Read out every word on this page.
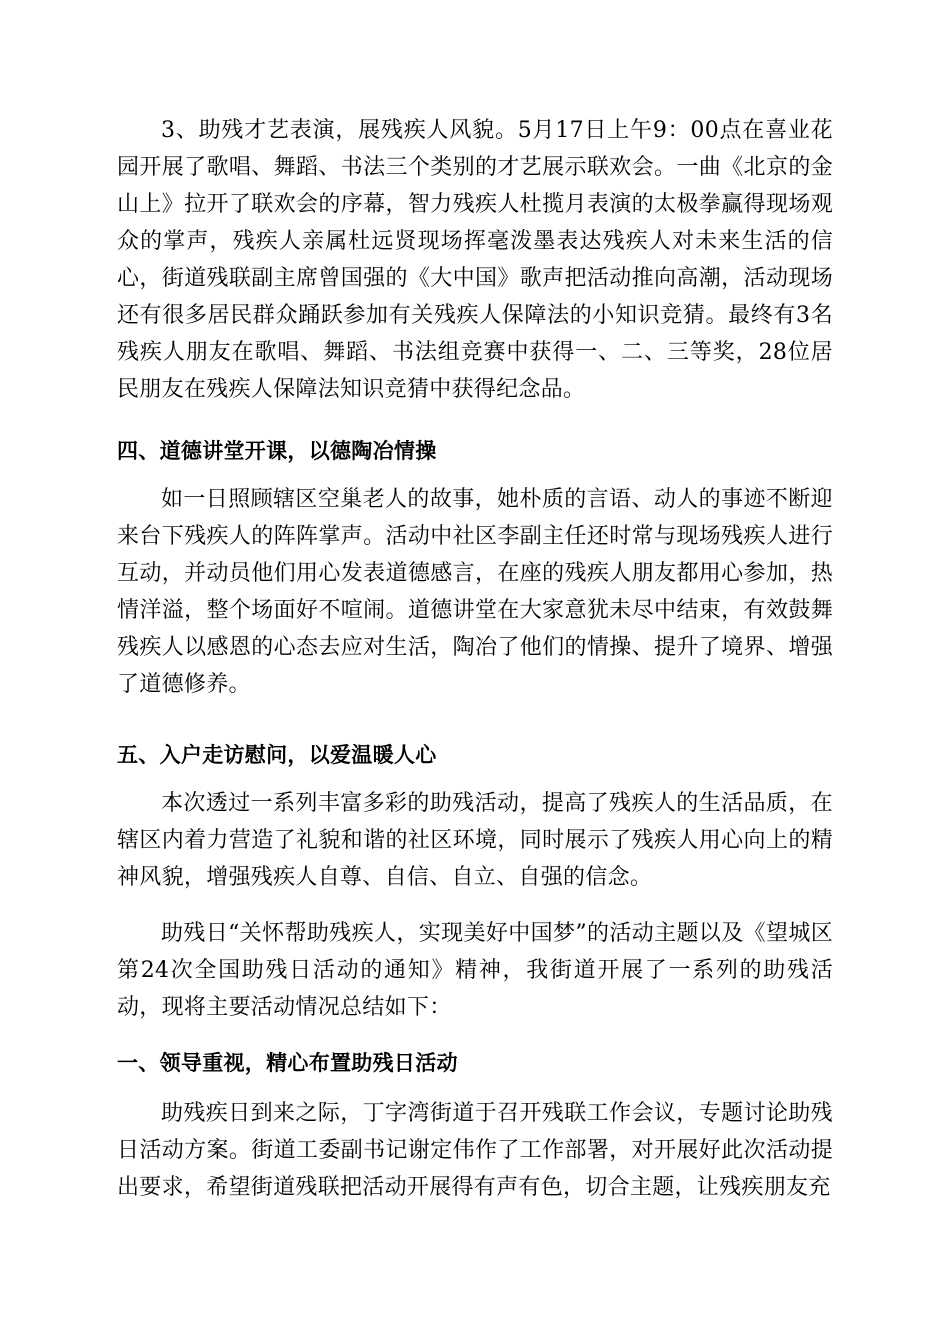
3、助残才艺表演，展残疾人风貌。5月17日上午9：00点在喜业花园开展了歌唱、舞蹈、书法三个类别的才艺展示联欢会。一曲《北京的金山上》拉开了联欢会的序幕，智力残疾人杜揽月表演的太极拳赢得现场观众的掌声，残疾人亲属杜远贤现场挥毫泼墨表达残疾人对未来生活的信心，街道残联副主席曾国强的《大中国》歌声把活动推向高潮，活动现场还有很多居民群众踊跃参加有关残疾人保障法的小知识竞猜。最终有3名残疾人朋友在歌唱、舞蹈、书法组竞赛中获得一、二、三等奖，28位居民朋友在残疾人保障法知识竞猜中获得纪念品。
四、道德讲堂开课，以德陶冶情操
如一日照顾辖区空巢老人的故事，她朴质的言语、动人的事迹不断迎来台下残疾人的阵阵掌声。活动中社区李副主任还时常与现场残疾人进行互动，并动员他们用心发表道德感言，在座的残疾人朋友都用心参加，热情洋溢，整个场面好不喧闹。道德讲堂在大家意犹未尽中结束，有效鼓舞残疾人以感恩的心态去应对生活，陶冶了他们的情操、提升了境界、增强了道德修养。
五、入户走访慰问，以爱温暖人心
本次透过一系列丰富多彩的助残活动，提高了残疾人的生活品质，在辖区内着力营造了礼貌和谐的社区环境，同时展示了残疾人用心向上的精神风貌，增强残疾人自尊、自信、自立、自强的信念。
助残日“关怀帮助残疾人，实现美好中国梦”的活动主题以及《望城区第24次全国助残日活动的通知》精神，我街道开展了一系列的助残活动，现将主要活动情况总结如下：
一、领导重视，精心布置助残日活动
助残疾日到来之际，丁字湾街道于召开残联工作会议，专题讨论助残日活动方案。街道工委副书记谢定伟作了工作部署，对开展好此次活动提出要求，希望街道残联把活动开展得有声有色，切合主题，让残疾朋友充
